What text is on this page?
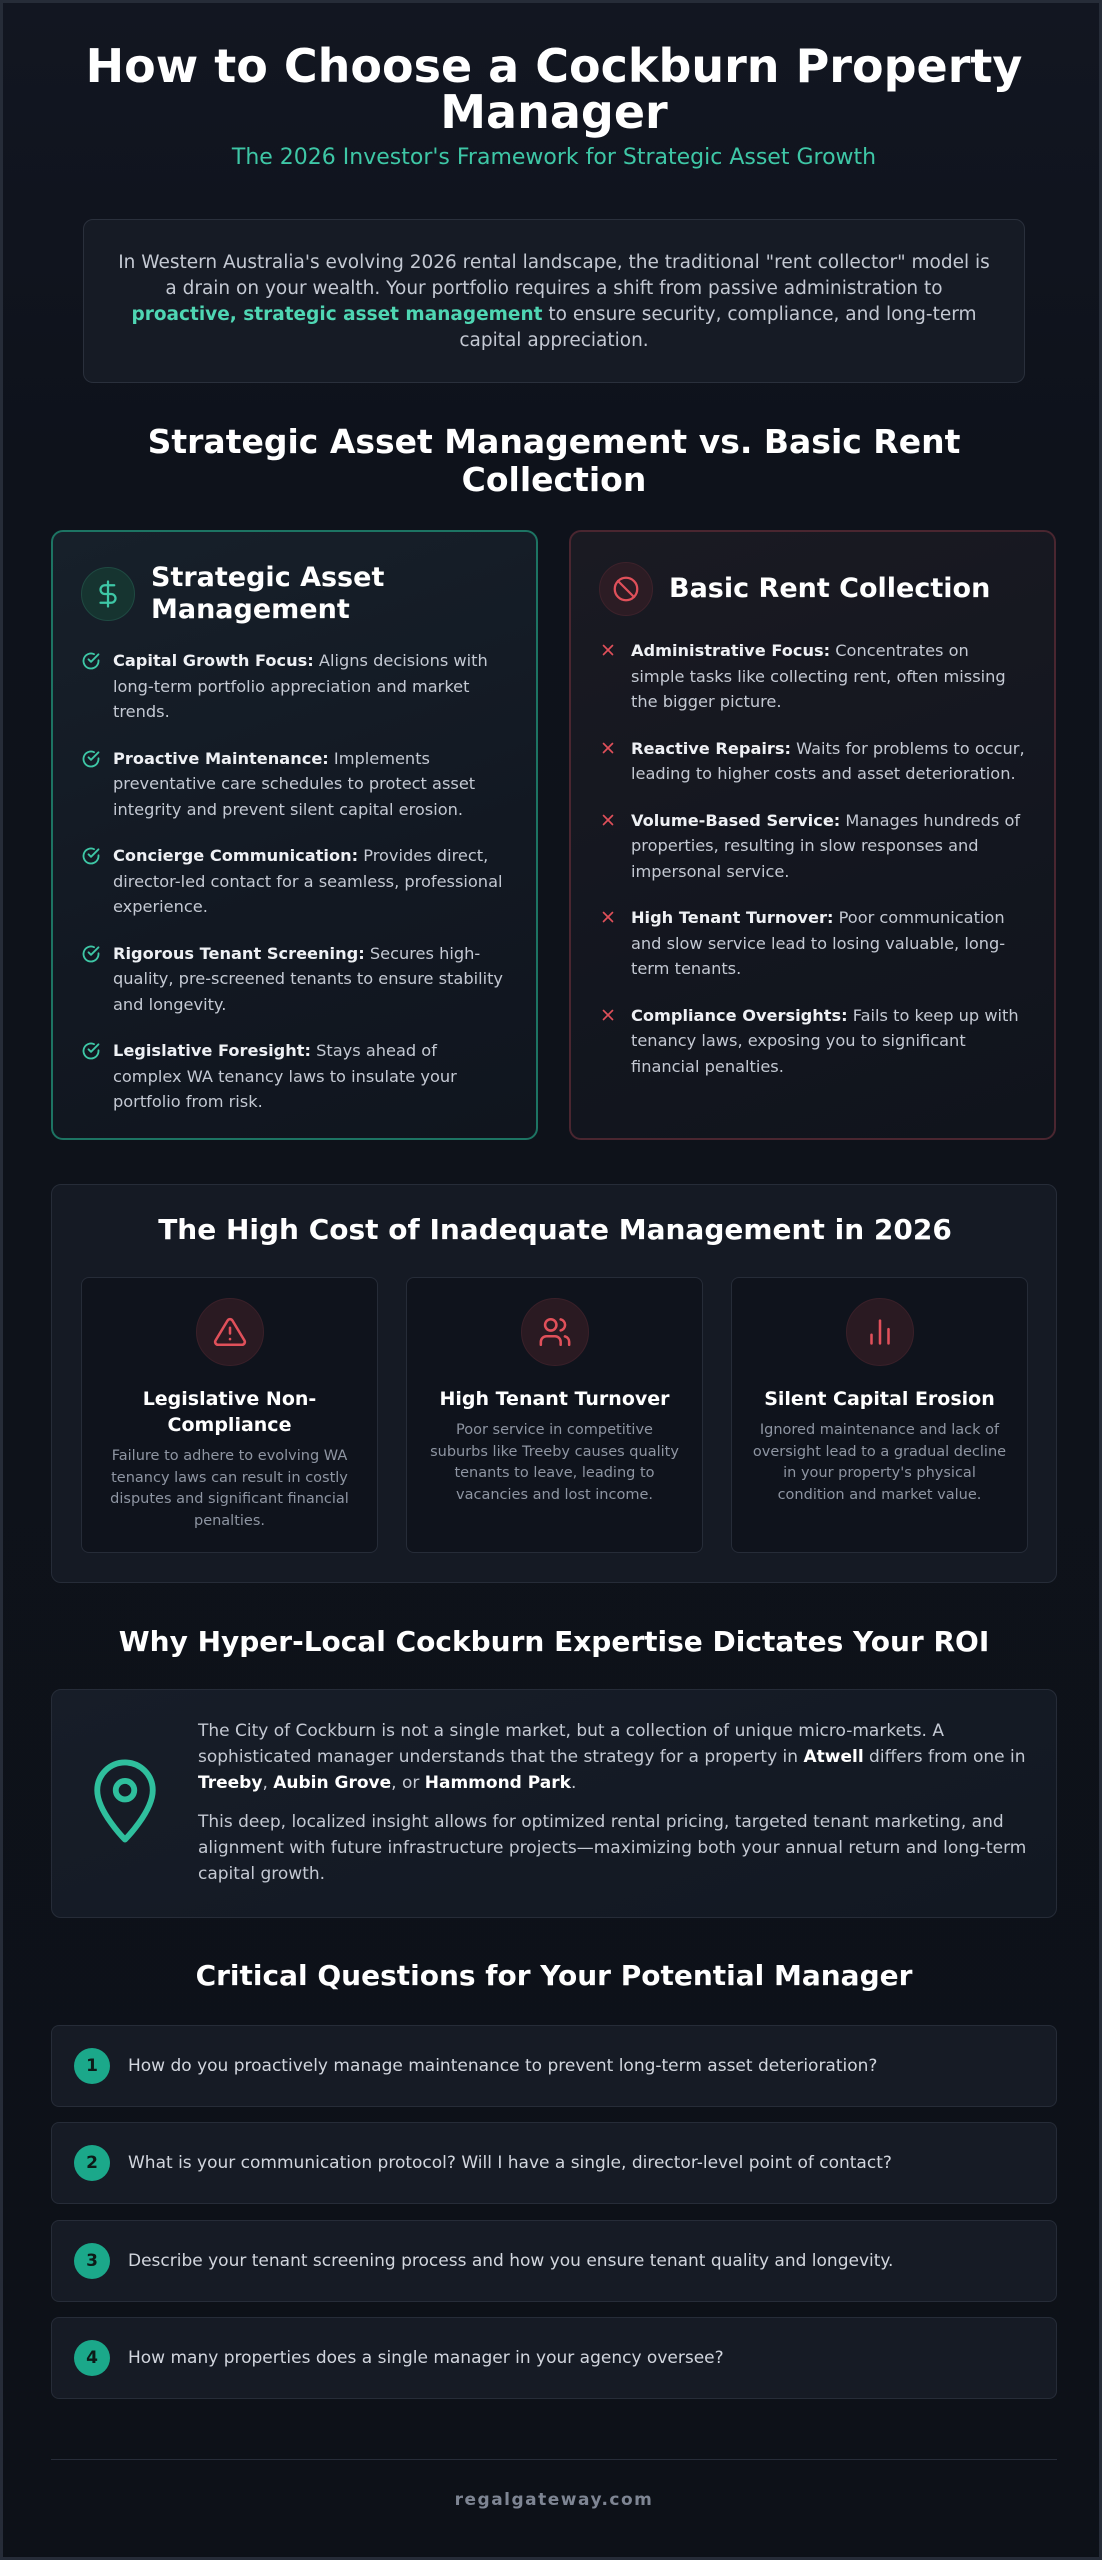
How to Choose a Cockburn Property Manager
The 2026 Investor's Framework for Strategic Asset Growth
In Western Australia's evolving 2026 rental landscape, the traditional "rent collector" model is a drain on your wealth. Your portfolio requires a shift from passive administration to proactive, strategic asset management to ensure security, compliance, and long-term capital appreciation.
Strategic Asset Management vs. Basic Rent Collection
Strategic Asset Management
Capital Growth Focus: Aligns decisions with long-term portfolio appreciation and market trends.
Proactive Maintenance: Implements preventative care schedules to protect asset integrity and prevent silent capital erosion.
Concierge Communication: Provides direct, director-led contact for a seamless, professional experience.
Rigorous Tenant Screening: Secures high-quality, pre-screened tenants to ensure stability and longevity.
Legislative Foresight: Stays ahead of complex WA tenancy laws to insulate your portfolio from risk.
Basic Rent Collection
Administrative Focus: Concentrates on simple tasks like collecting rent, often missing the bigger picture.
Reactive Repairs: Waits for problems to occur, leading to higher costs and asset deterioration.
Volume-Based Service: Manages hundreds of properties, resulting in slow responses and impersonal service.
High Tenant Turnover: Poor communication and slow service lead to losing valuable, long-term tenants.
Compliance Oversights: Fails to keep up with tenancy laws, exposing you to significant financial penalties.
The High Cost of Inadequate Management in 2026
Legislative Non-Compliance
Failure to adhere to evolving WA tenancy laws can result in costly disputes and significant financial penalties.
High Tenant Turnover
Poor service in competitive suburbs like Treeby causes quality tenants to leave, leading to vacancies and lost income.
Silent Capital Erosion
Ignored maintenance and lack of oversight lead to a gradual decline in your property's physical condition and market value.
Why Hyper-Local Cockburn Expertise Dictates Your ROI

The City of Cockburn is not a single market, but a collection of unique micro-markets. A sophisticated manager understands that the strategy for a property in Atwell differs from one in Treeby, Aubin Grove, or Hammond Park.

This deep, localized insight allows for optimized rental pricing, targeted tenant marketing, and alignment with future infrastructure projects—maximizing both your annual return and long-term capital growth.

Critical Questions for Your Potential Manager
1	How do you proactively manage maintenance to prevent long-term asset deterioration?
2	What is your communication protocol? Will I have a single, director-level point of contact?
3	Describe your tenant screening process and how you ensure tenant quality and longevity.
4	How many properties does a single manager in your agency oversee?
regalgateway.com
